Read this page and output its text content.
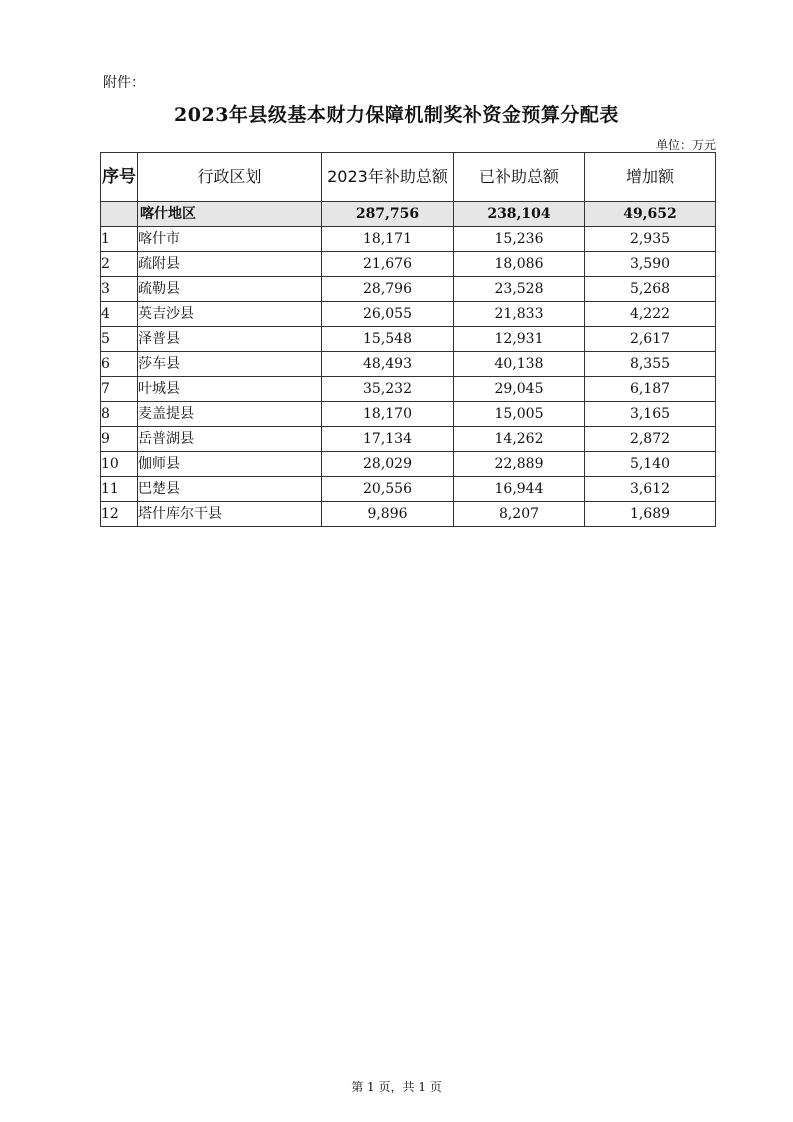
附件：
2023年县级基本财力保障机制奖补资金预算分配表
单位：万元
序号	行政区划	2023年补助总额	已补助总额	增加额
	喀什地区	287,756	238,104	49,652
1	喀什市	18,171	15,236	2,935
2	疏附县	21,676	18,086	3,590
3	疏勒县	28,796	23,528	5,268
4	英吉沙县	26,055	21,833	4,222
5	泽普县	15,548	12,931	2,617
6	莎车县	48,493	40,138	8,355
7	叶城县	35,232	29,045	6,187
8	麦盖提县	18,170	15,005	3,165
9	岳普湖县	17,134	14,262	2,872
10	伽师县	28,029	22,889	5,140
11	巴楚县	20,556	16,944	3,612
12	塔什库尔干县	9,896	8,207	1,689
第 1 页，共 1 页
